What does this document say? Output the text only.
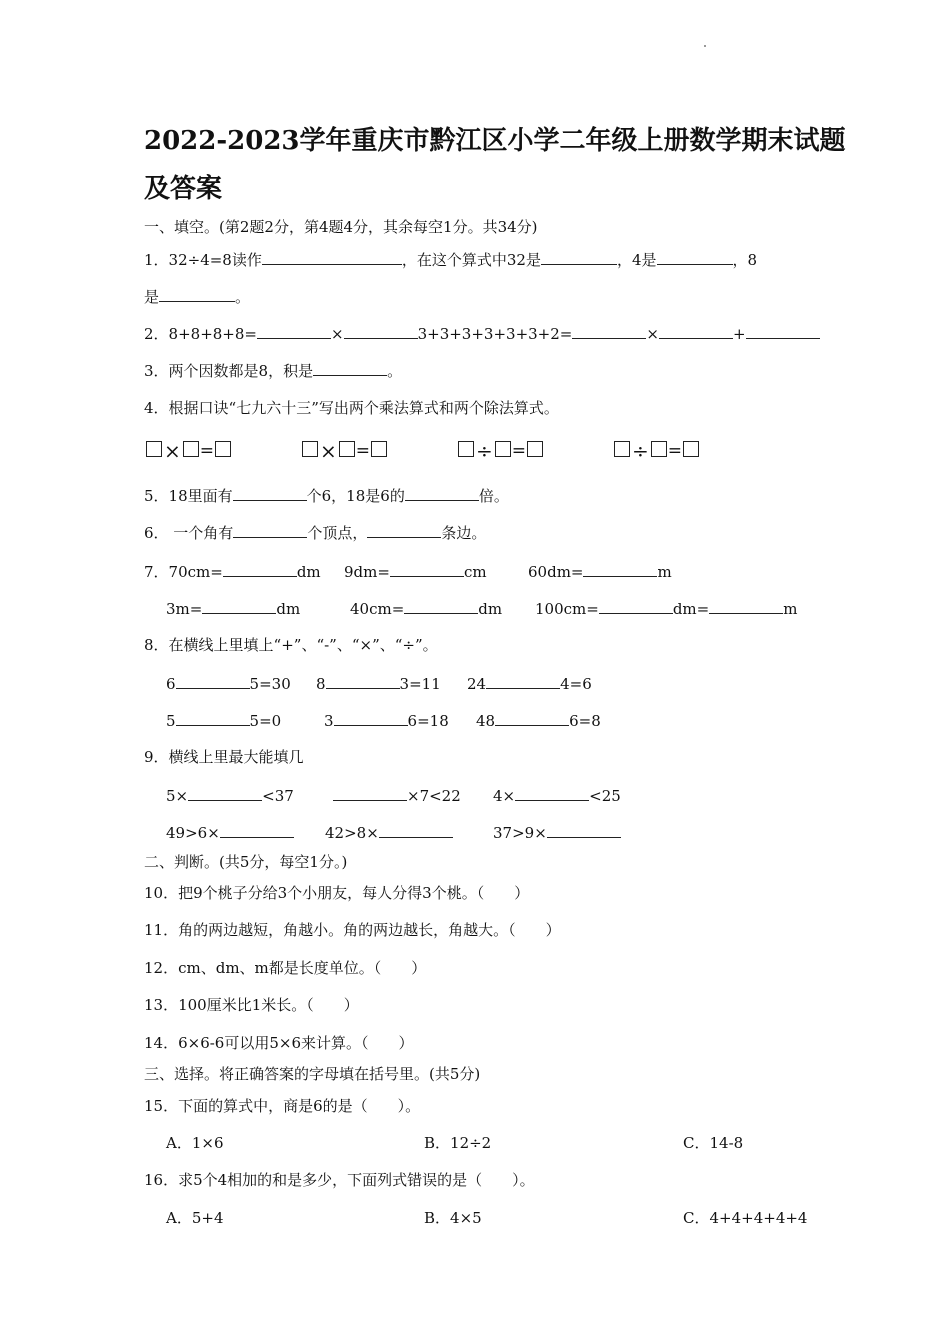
2022-2023学年重庆市黔江区小学二年级上册数学期末试题
及答案
一、填空。(第2题2分，第4题4分，其余每空1分。共34分)
1．32÷4=8读作	，在这个算式中32是	，4是	，8
是	。
2．8+8+8+8=	×	3+3+3+3+3+3+2=	×	+
3．两个因数都是8，积是	。
4．根据口诀“七九六十三”写出两个乘法算式和两个除法算式。
× =	× =	÷ =	÷ =
5．18里面有	个6，18是6的	倍。
6． 一个角有	个顶点，	条边。
7．70cm=	dm 9dm=	cm	60dm=	m
3m=	dm	40cm=	dm 100cm=	dm=	m
8．在横线上里填上“+”、“-”、“×”、“÷”。
6	5=30 8	3=11 24	4=6
5	5=0	3	6=18 48	6=8
9．横线上里最大能填几
5×	<37	×7<22 4×	<25
49>6×	42>8×	37>9×
二、判断。(共5分，每空1分。)
10．把9个桃子分给3个小朋友，每人分得3个桃。（　　）
11．角的两边越短，角越小。角的两边越长，角越大。（　　）
12．cm、dm、m都是长度单位。（　　）
13．100厘米比1米长。（　　）
14．6×6-6可以用5×6来计算。（　　）
三、选择。将正确答案的字母填在括号里。(共5分)
15．下面的算式中，商是6的是（　　）。
A．1×6	B．12÷2	C．14-8
16．求5个4相加的和是多少，下面列式错误的是（　　）。
A．5+4	B．4×5	C．4+4+4+4+4
